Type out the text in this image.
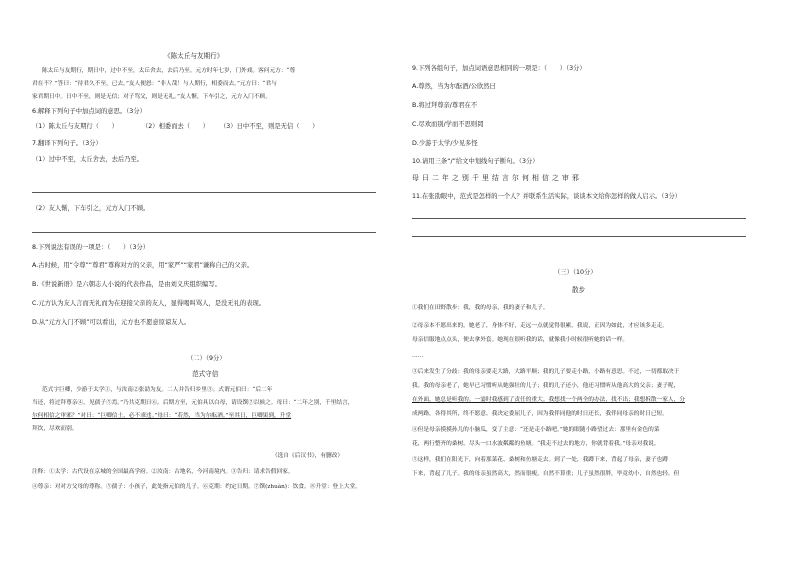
《陈太丘与友期行》
陈太丘与友期行，期日中，过中不至，太丘舍去，去后乃至。元方时年七岁，门外戏。客问元方：“尊
君在不？”答曰：“待君久不至，已去。”友人便怒：“非人哉！与人期行，相委而去。”元方曰：“君与
家君期日中。日中不至，则是无信；对子骂父，则是无礼。”友人惭，下车引之，元方入门不顾。
6.解释下列句子中加点词的意思。（3分）
（1）陈太丘与友期行（　　）	（2）相委而去（　　） （3）日中不至，则是无信（　　）
7.翻译下列句子。（3分）
（1）过中不至，太丘舍去，去后乃至。
（2）友人惭，下车引之，元方入门不顾。
8.下列说法有误的一项是：（　　）（3分）
A.古时候，用“令尊”“尊君”尊称对方的父亲，用“家严”“家君”谦称自己的父亲。
B.《世说新语》是六朝志人小说的代表作品，是由刘义庆组织编写。
C.元方认为友人言而无礼而为在迎接父亲的友人，显得喝叫骂人，是没无礼的表现。
D.从“元方入门不顾”可以看出，元方也不愿意原谅友人。
（二）（9分）
范式守信
范式字巨卿，少游于太学①，与汝南②张劭为友。二人并告归乡里③。式谓元伯曰：“后二年
当还，将过拜尊亲④，见孺子⑤焉。”乃共克期日⑥。后期方至，元伯具以白母，请设馔⑦以候之。母曰：“二年之别，千里结言，
尔何相信之审邪？”对曰：“巨卿信士，必不乖违。”母曰：“若然，当为尔酝酒。”至其日，巨卿果到，升堂
拜饮，尽欢而别。
（选自《后汉书》，有删改）
注释：①太学：古代设在京城的全国最高学府。②汝南：古地名，今河南境内。③告归：请求告假回家。
④尊亲：对对方父母的尊称。⑤孺子：小孩子，此处指元伯的儿子。⑥克期：约定日期。⑦馔(zhuàn)：饮食。⑧升堂：登上大堂。
9.下列各组句子，加点词语意思相同的一项是：（　　）（3分）
A.尊然，当为尔酝酒/公欣然曰
B.将过拜尊亲/尊君在不
C.尽欢而别/学而不思则罔
D.少游于太学/少见多怪
10.请用三条“/”给文中划线句子断句。（3分）
母曰二年之别千里结言尔何相信之审邪
11.在张劭眼中，范式是怎样的一个人？并联系生活实际，谈谈本文给你怎样的做人启示。（3分）
（三）（10分）
散步
①我们在田野散步：我，我的母亲，我的妻子和儿子。
②母亲本不愿出来的。她老了，身体不好，走远一点就觉得很累。我说，正因为如此，才应该多走走。
母亲信服地点点头，便去拿外套。她现在很听我的话，就像我小时候很听她的话一样。
……
③后来发生了分歧：我的母亲要走大路，大路平顺；我的儿子要走小路，小路有意思。不过，一切都取决于
我。我的母亲老了，她早已习惯听从她强壮的儿子；我的儿子还小，他还习惯听从他高大的父亲；妻子呢，
在外面，她总是听我的。一霎时我感到了责任的重大。我想找一个两全的办法，找不出；我想拆散一家人，分
成两路，各得其所，终不愿意。我决定委屈儿子，因为我伴同他的时日还长，我伴同母亲的时日已短。
④但是母亲摸摸孙儿的小脑瓜，变了主意：“还是走小路吧。”她的眼随小路望过去：那里有金色的菜
花，两行整齐的桑树，尽头一口水波粼粼的鱼塘。“我走不过去的地方，你就背着我。”母亲对我说。
⑤这样，我们在阳光下，向着那菜花、桑树和鱼塘走去。到了一处，我蹲下来，背起了母亲，妻子也蹲
下来，背起了儿子。我的母亲虽然高大，然而很瘦，自然不算重；儿子虽然很胖，毕竟幼小，自然也轻。但
